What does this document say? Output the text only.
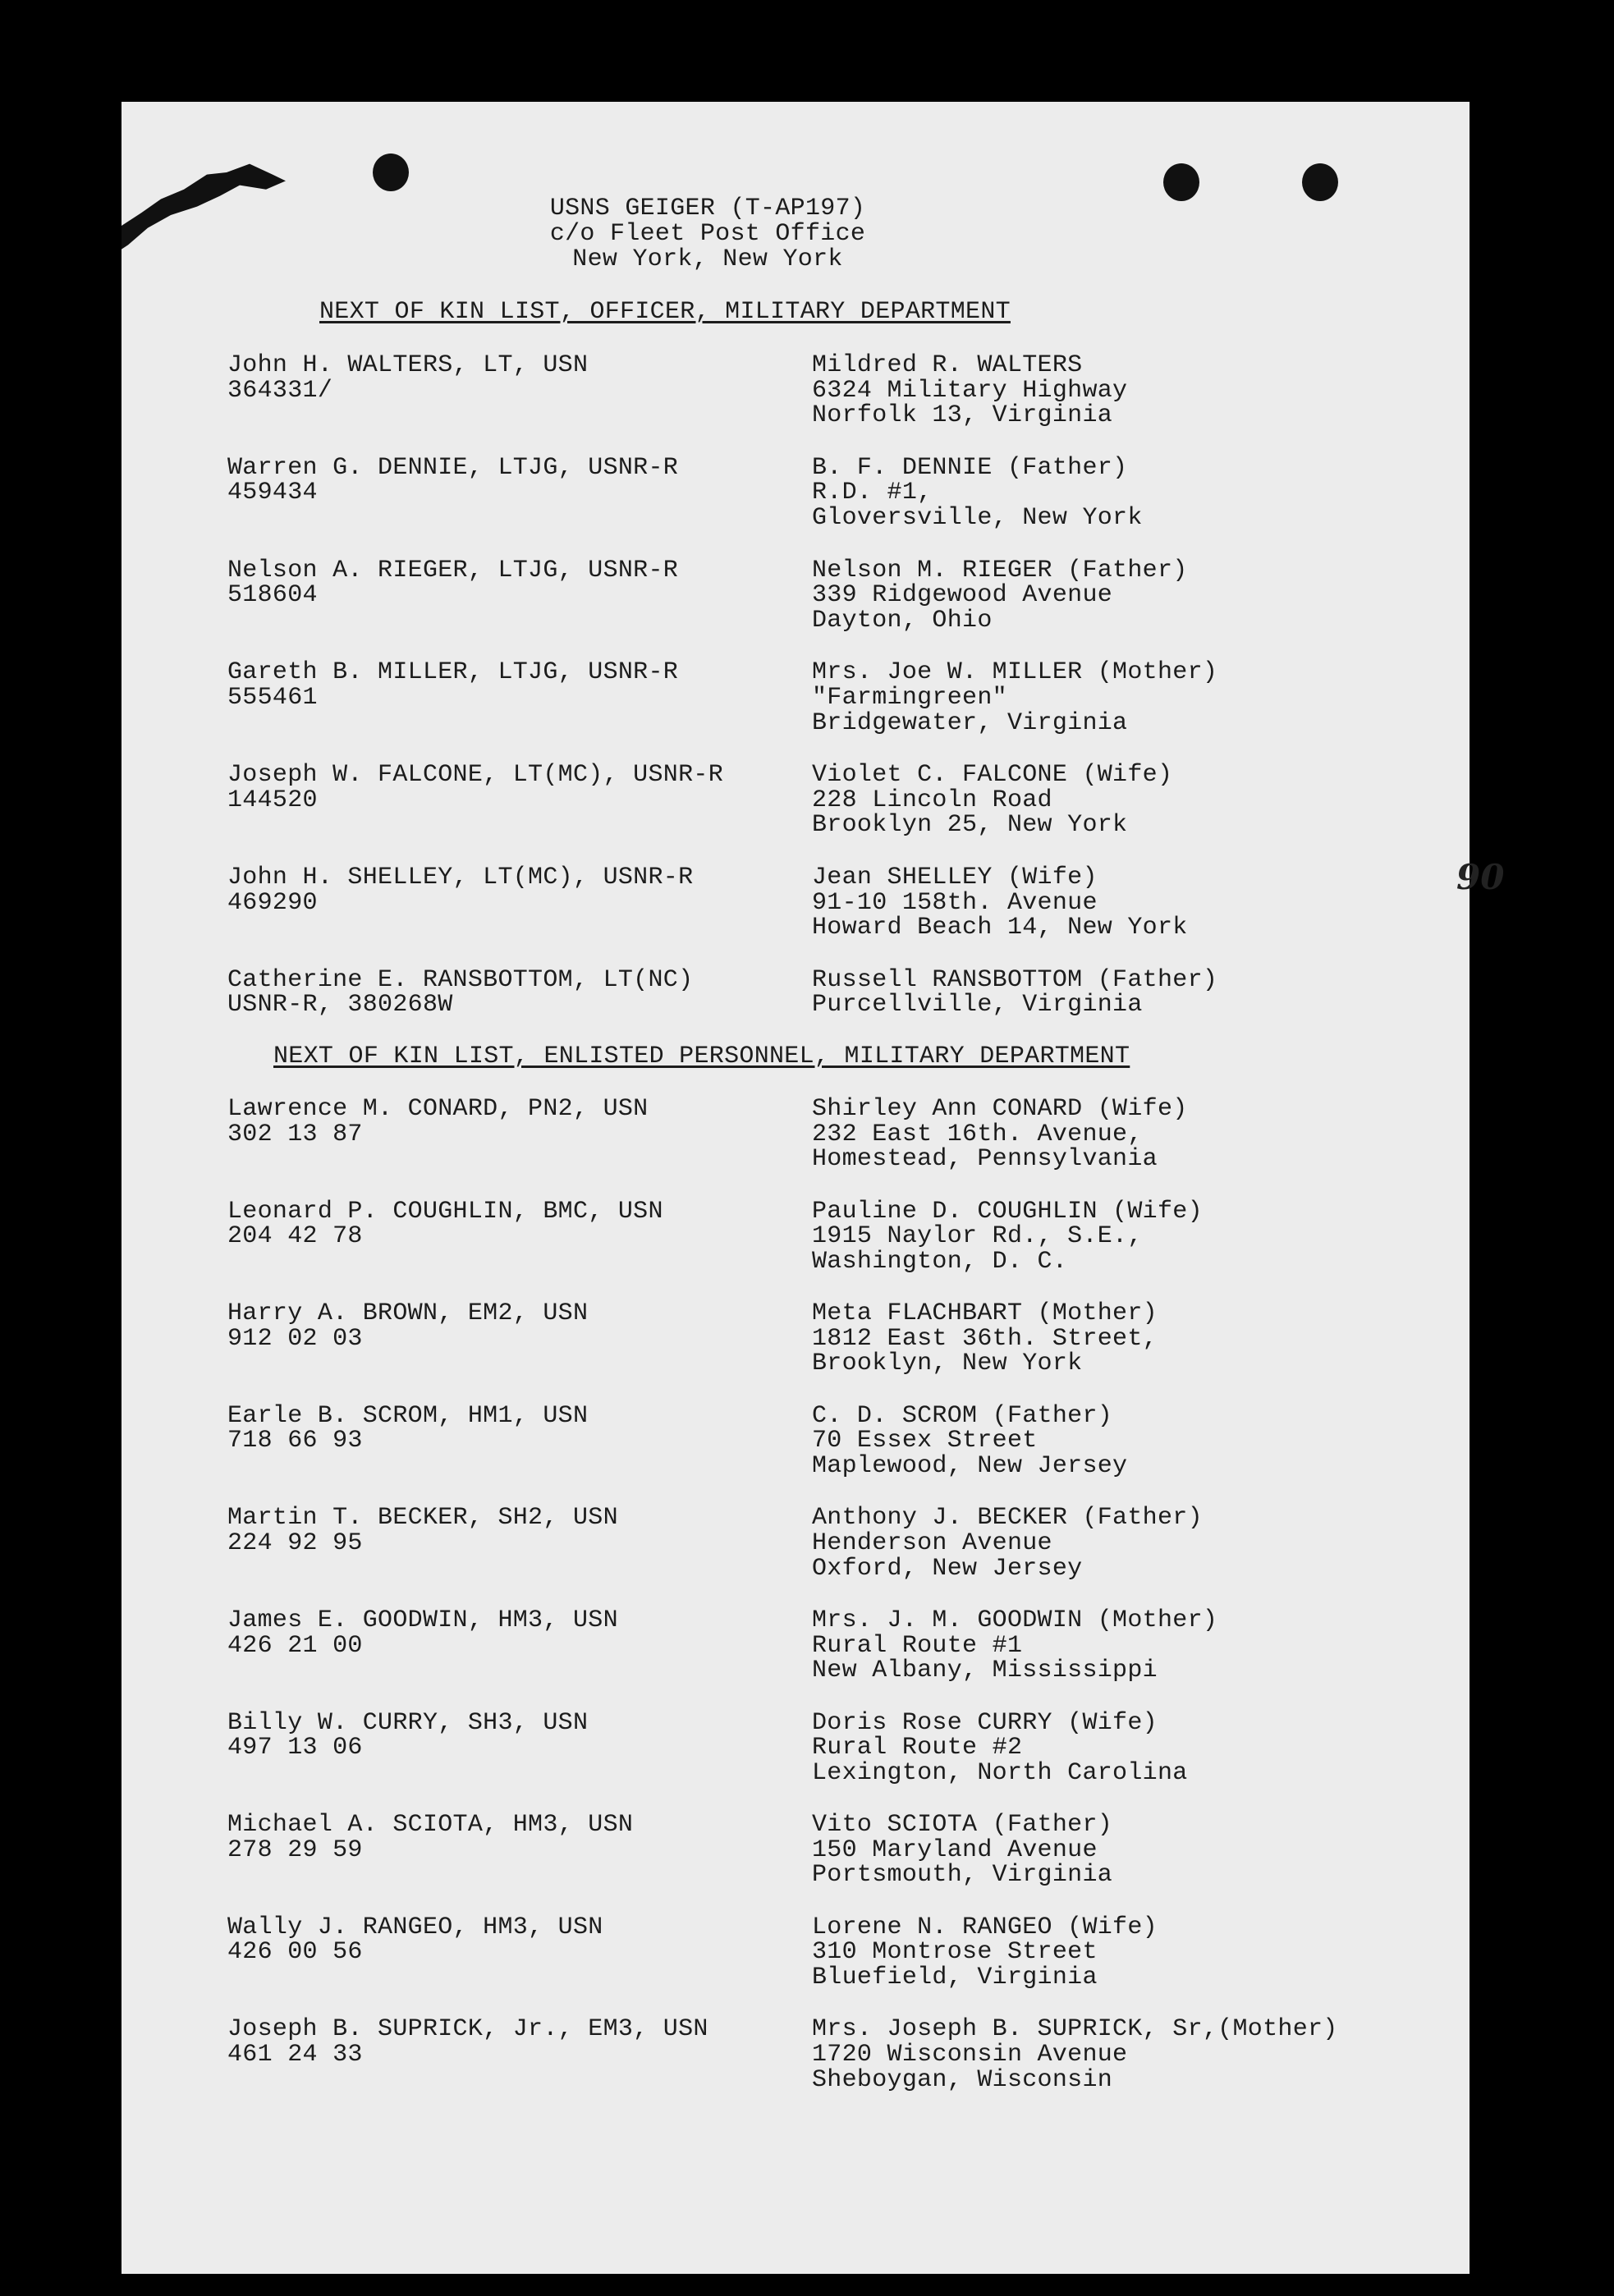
USNS GEIGER (T-AP197)
c/o Fleet Post Office
New York, New York
90
NEXT OF KIN LIST, OFFICER, MILITARY DEPARTMENT
John H. WALTERS, LT, USN
364331/
Mildred R. WALTERS
6324 Military Highway
Norfolk 13, Virginia
Warren G. DENNIE, LTJG, USNR-R
459434
B. F. DENNIE (Father)
R.D. #1,
Gloversville, New York
Nelson A. RIEGER, LTJG, USNR-R
518604
Nelson M. RIEGER (Father)
339 Ridgewood Avenue
Dayton, Ohio
Gareth B. MILLER, LTJG, USNR-R
555461
Mrs. Joe W. MILLER (Mother)
"Farmingreen"
Bridgewater, Virginia
Joseph W. FALCONE, LT(MC), USNR-R
144520
Violet C. FALCONE (Wife)
228 Lincoln Road
Brooklyn 25, New York
John H. SHELLEY, LT(MC), USNR-R
469290
Jean SHELLEY (Wife)
91-10 158th. Avenue
Howard Beach 14, New York
Catherine E. RANSBOTTOM, LT(NC)
USNR-R, 380268W
Russell RANSBOTTOM (Father)
Purcellville, Virginia
NEXT OF KIN LIST, ENLISTED PERSONNEL, MILITARY DEPARTMENT
Lawrence M. CONARD, PN2, USN
302 13 87
Shirley Ann CONARD (Wife)
232 East 16th. Avenue,
Homestead, Pennsylvania
Leonard P. COUGHLIN, BMC, USN
204 42 78
Pauline D. COUGHLIN (Wife)
1915 Naylor Rd., S.E.,
Washington, D. C.
Harry A. BROWN, EM2, USN
912 02 03
Meta FLACHBART (Mother)
1812 East 36th. Street,
Brooklyn, New York
Earle B. SCROM, HM1, USN
718 66 93
C. D. SCROM (Father)
70 Essex Street
Maplewood, New Jersey
Martin T. BECKER, SH2, USN
224 92 95
Anthony J. BECKER (Father)
Henderson Avenue
Oxford, New Jersey
James E. GOODWIN, HM3, USN
426 21 00
Mrs. J. M. GOODWIN (Mother)
Rural Route #1
New Albany, Mississippi
Billy W. CURRY, SH3, USN
497 13 06
Doris Rose CURRY (Wife)
Rural Route #2
Lexington, North Carolina
Michael A. SCIOTA, HM3, USN
278 29 59
Vito SCIOTA (Father)
150 Maryland Avenue
Portsmouth, Virginia
Wally J. RANGEO, HM3, USN
426 00 56
Lorene N. RANGEO (Wife)
310 Montrose Street
Bluefield, Virginia
Joseph B. SUPRICK, Jr., EM3, USN
461 24 33
Mrs. Joseph B. SUPRICK, Sr,(Mother)
1720 Wisconsin Avenue
Sheboygan, Wisconsin
